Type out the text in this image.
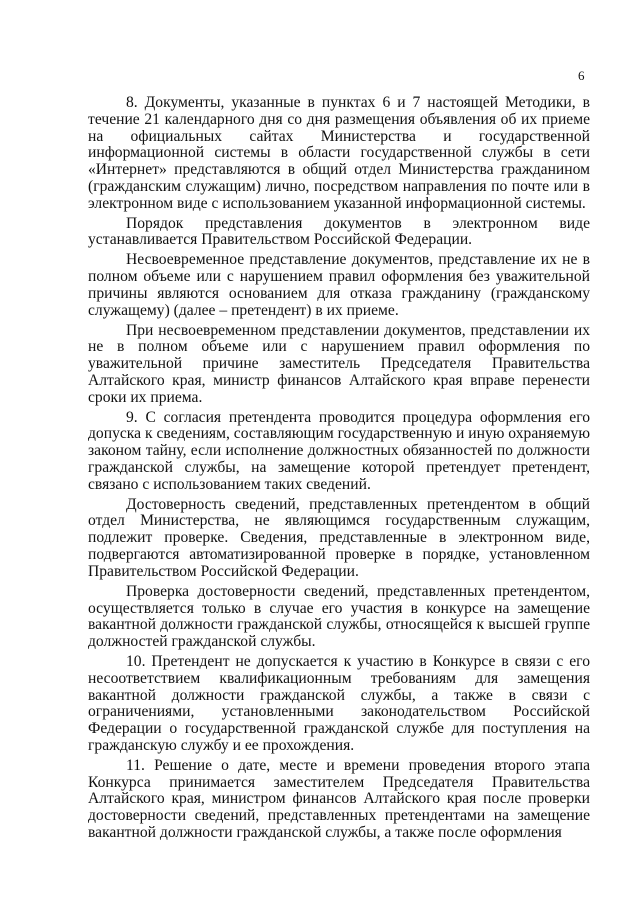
6

8. Документы, указанные в пунктах 6 и 7 настоящей Методики, в течение 21 календарного дня со дня размещения объявления об их приеме на официальных сайтах Министерства и государственной информационной системы в области государственной службы в сети «Интернет» представляются в общий отдел Министерства гражданином (гражданским служащим) лично, посредством направления по почте или в электронном виде с использованием указанной информационной системы.

Порядок представления документов в электронном виде устанавливается Правительством Российской Федерации.

Несвоевременное представление документов, представление их не в полном объеме или с нарушением правил оформления без уважительной причины являются основанием для отказа гражданину (гражданскому служащему) (далее – претендент) в их приеме.

При несвоевременном представлении документов, представлении их не в полном объеме или с нарушением правил оформления по уважительной причине заместитель Председателя Правительства Алтайского края, министр финансов Алтайского края вправе перенести сроки их приема.

9. С согласия претендента проводится процедура оформления его допуска к сведениям, составляющим государственную и иную охраняемую законом тайну, если исполнение должностных обязанностей по должности гражданской службы, на замещение которой претендует претендент, связано с использованием таких сведений.

Достоверность сведений, представленных претендентом в общий отдел Министерства, не являющимся государственным служащим, подлежит проверке. Сведения, представленные в электронном виде, подвергаются автоматизированной проверке в порядке, установленном Правительством Российской Федерации.

Проверка достоверности сведений, представленных претендентом, осуществляется только в случае его участия в конкурсе на замещение вакантной должности гражданской службы, относящейся к высшей группе должностей гражданской службы.

10. Претендент не допускается к участию в Конкурсе в связи с его несоответствием квалификационным требованиям для замещения вакантной должности гражданской службы, а также в связи с ограничениями, установленными законодательством Российской Федерации о государственной гражданской службе для поступления на гражданскую службу и ее прохождения.

11. Решение о дате, месте и времени проведения второго этапа Конкурса принимается заместителем Председателя Правительства Алтайского края, министром финансов Алтайского края после проверки достоверности сведений, представленных претендентами на замещение вакантной должности гражданской службы, а также после оформления
